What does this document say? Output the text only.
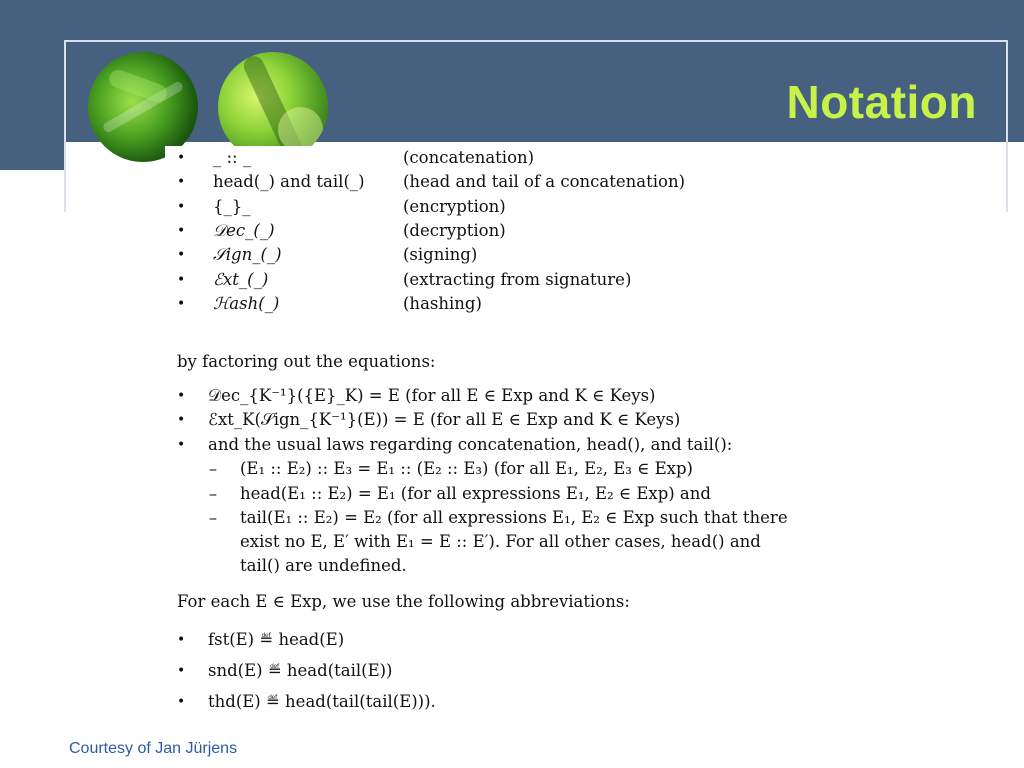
Notation
• _ :: _	(concatenation)
• head(_) and tail(_) (head and tail of a concatenation)
• {_}_	(encryption)
• 𝒟ec_(_)	(decryption)
• 𝒮ign_(_)	(signing)
• ℰxt_(_)	(extracting from signature)
• ℋash(_)	(hashing)
by factoring out the equations:
• 𝒟ec_{K⁻¹}({E}_K) = E (for all E ∈ Exp and K ∈ Keys)
• ℰxt_K(𝒮ign_{K⁻¹}(E)) = E (for all E ∈ Exp and K ∈ Keys)
• and the usual laws regarding concatenation, head(), and tail():
– (E₁ :: E₂) :: E₃ = E₁ :: (E₂ :: E₃) (for all E₁, E₂, E₃ ∈ Exp)
– head(E₁ :: E₂) = E₁ (for all expressions E₁, E₂ ∈ Exp) and
– tail(E₁ :: E₂) = E₂ (for all expressions E₁, E₂ ∈ Exp such that there
exist no E, E′ with E₁ = E :: E′). For all other cases, head() and
tail() are undefined.
For each E ∈ Exp, we use the following abbreviations:
• fst(E) ≝ head(E)
• snd(E) ≝ head(tail(E))
• thd(E) ≝ head(tail(tail(E))).
Courtesy of Jan Jürjens
